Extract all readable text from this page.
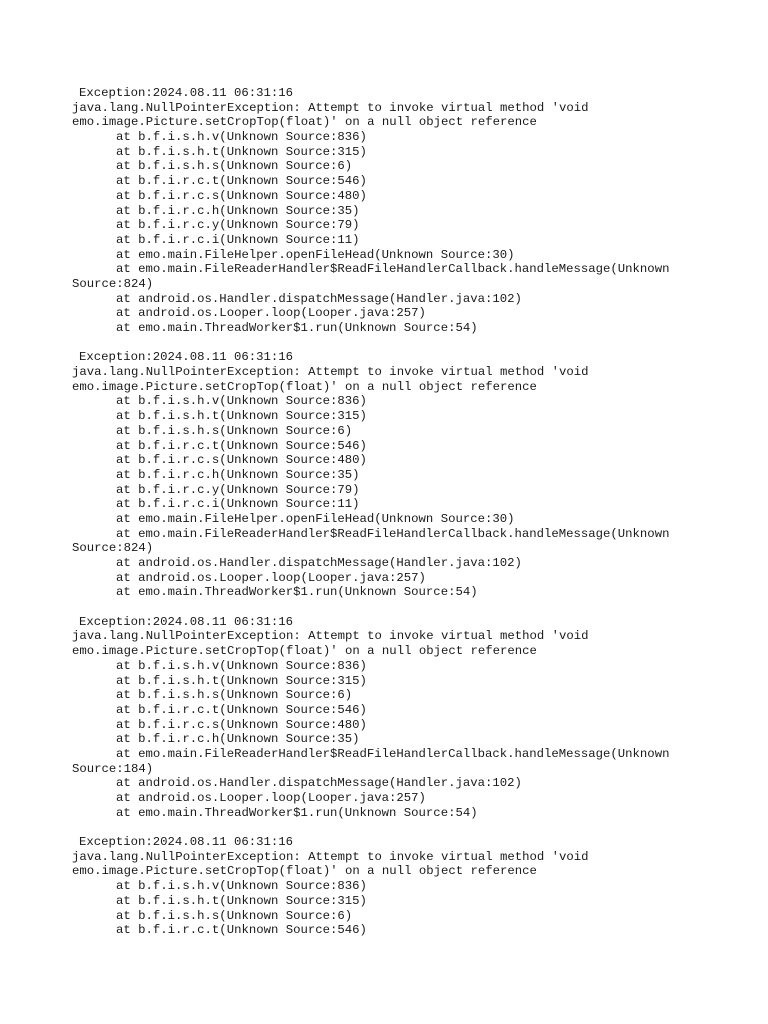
Exception:2024.08.11 06:31:16
java.lang.NullPointerException: Attempt to invoke virtual method 'void
emo.image.Picture.setCropTop(float)' on a null object reference
at b.f.i.s.h.v(Unknown Source:836)
at b.f.i.s.h.t(Unknown Source:315)
at b.f.i.s.h.s(Unknown Source:6)
at b.f.i.r.c.t(Unknown Source:546)
at b.f.i.r.c.s(Unknown Source:480)
at b.f.i.r.c.h(Unknown Source:35)
at b.f.i.r.c.y(Unknown Source:79)
at b.f.i.r.c.i(Unknown Source:11)
at emo.main.FileHelper.openFileHead(Unknown Source:30)
at emo.main.FileReaderHandler$ReadFileHandlerCallback.handleMessage(Unknown
Source:824)
at android.os.Handler.dispatchMessage(Handler.java:102)
at android.os.Looper.loop(Looper.java:257)
at emo.main.ThreadWorker$1.run(Unknown Source:54)
Exception:2024.08.11 06:31:16
java.lang.NullPointerException: Attempt to invoke virtual method 'void
emo.image.Picture.setCropTop(float)' on a null object reference
at b.f.i.s.h.v(Unknown Source:836)
at b.f.i.s.h.t(Unknown Source:315)
at b.f.i.s.h.s(Unknown Source:6)
at b.f.i.r.c.t(Unknown Source:546)
at b.f.i.r.c.s(Unknown Source:480)
at b.f.i.r.c.h(Unknown Source:35)
at b.f.i.r.c.y(Unknown Source:79)
at b.f.i.r.c.i(Unknown Source:11)
at emo.main.FileHelper.openFileHead(Unknown Source:30)
at emo.main.FileReaderHandler$ReadFileHandlerCallback.handleMessage(Unknown
Source:824)
at android.os.Handler.dispatchMessage(Handler.java:102)
at android.os.Looper.loop(Looper.java:257)
at emo.main.ThreadWorker$1.run(Unknown Source:54)
Exception:2024.08.11 06:31:16
java.lang.NullPointerException: Attempt to invoke virtual method 'void
emo.image.Picture.setCropTop(float)' on a null object reference
at b.f.i.s.h.v(Unknown Source:836)
at b.f.i.s.h.t(Unknown Source:315)
at b.f.i.s.h.s(Unknown Source:6)
at b.f.i.r.c.t(Unknown Source:546)
at b.f.i.r.c.s(Unknown Source:480)
at b.f.i.r.c.h(Unknown Source:35)
at emo.main.FileReaderHandler$ReadFileHandlerCallback.handleMessage(Unknown
Source:184)
at android.os.Handler.dispatchMessage(Handler.java:102)
at android.os.Looper.loop(Looper.java:257)
at emo.main.ThreadWorker$1.run(Unknown Source:54)
Exception:2024.08.11 06:31:16
java.lang.NullPointerException: Attempt to invoke virtual method 'void
emo.image.Picture.setCropTop(float)' on a null object reference
at b.f.i.s.h.v(Unknown Source:836)
at b.f.i.s.h.t(Unknown Source:315)
at b.f.i.s.h.s(Unknown Source:6)
at b.f.i.r.c.t(Unknown Source:546)
